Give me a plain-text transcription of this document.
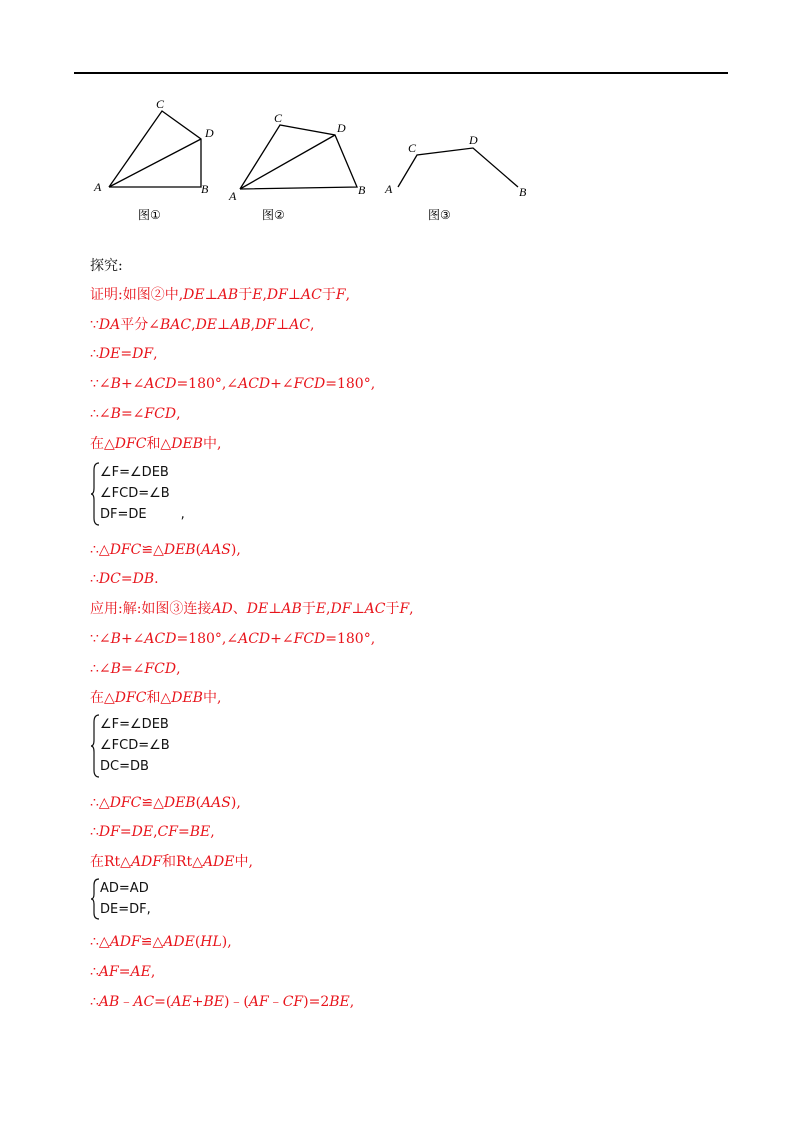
A	B
C
D
图①
A	B
C
D
图②
A	B
C
D
图③
探究:
证明:如图②中,DE⊥AB于E,DF⊥AC于F,
∵DA平分∠BAC,DE⊥AB,DF⊥AC,
∴DE=DF,
∵∠B+∠ACD=180°,∠ACD+∠FCD=180°,
∴∠B=∠FCD,
在△DFC和△DEB中,
∠F=∠DEB
∠FCD=∠B
DF=DE	,
∴△DFC≌△DEB(AAS),
∴DC=DB.
应用:解:如图③连接AD、DE⊥AB于E,DF⊥AC于F,
∵∠B+∠ACD=180°,∠ACD+∠FCD=180°,
∴∠B=∠FCD,
在△DFC和△DEB中,
∠F=∠DEB
∠FCD=∠B
DC=DB
∴△DFC≌△DEB(AAS),
∴DF=DE,CF=BE,
在Rt△ADF和Rt△ADE中,
AD=AD
DE=DF,
∴△ADF≌△ADE(HL),
∴AF=AE,
∴AB﹣AC=(AE+BE)﹣(AF﹣CF)=2BE,
